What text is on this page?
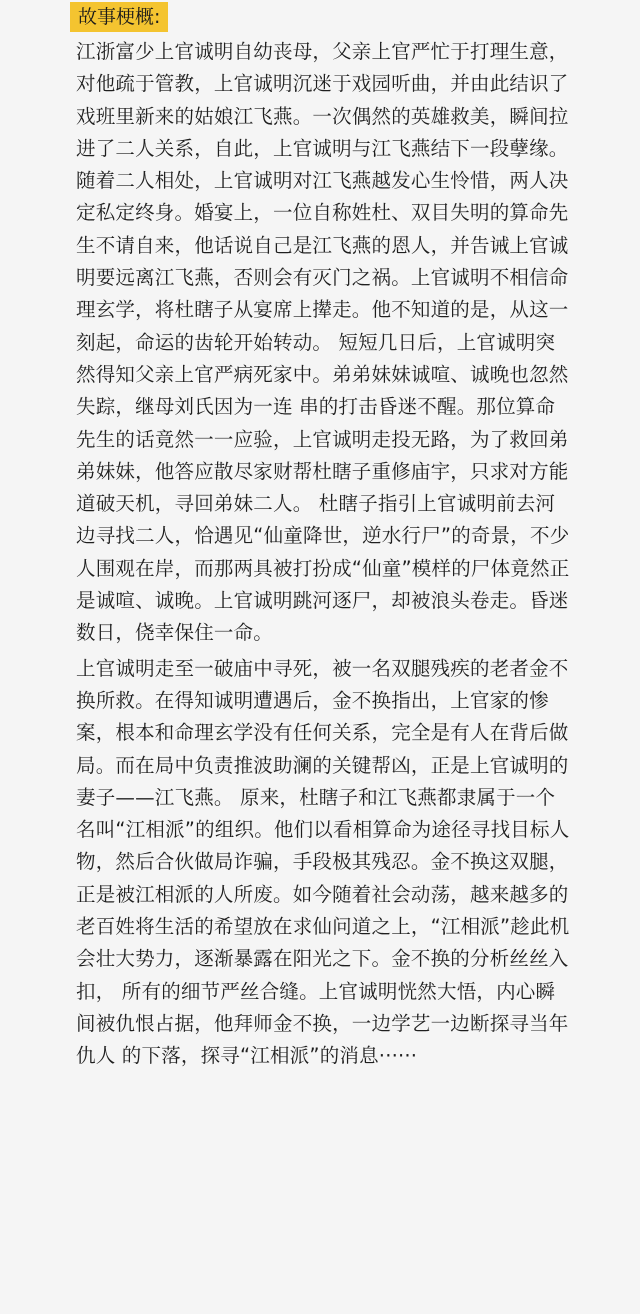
故事梗概:
江浙富少上官诚明自幼丧母，父亲上官严忙于打理生意，
对他疏于管教，上官诚明沉迷于戏园听曲，并由此结识了
戏班里新来的姑娘江飞燕。一次偶然的英雄救美，瞬间拉
进了二人关系，自此，上官诚明与江飞燕结下一段孽缘。
随着二人相处，上官诚明对江飞燕越发心生怜惜，两人决
定私定终身。婚宴上，一位自称姓杜、双目失明的算命先
生不请自来，他话说自己是江飞燕的恩人，并告诫上官诚
明要远离江飞燕，否则会有灭门之祸。上官诚明不相信命
理玄学，将杜瞎子从宴席上撵走。他不知道的是，从这一
刻起，命运的齿轮开始转动。 短短几日后，上官诚明突
然得知父亲上官严病死家中。弟弟妹妹诚喧、诚晚也忽然
失踪，继母刘氏因为一连 串的打击昏迷不醒。那位算命
先生的话竟然一一应验，上官诚明走投无路，为了救回弟
弟妹妹，他答应散尽家财帮杜瞎子重修庙宇，只求对方能
道破天机，寻回弟妹二人。 杜瞎子指引上官诚明前去河
边寻找二人，恰遇见“仙童降世，逆水行尸”的奇景，不少
人围观在岸，而那两具被打扮成“仙童”模样的尸体竟然正
是诚喧、诚晚。上官诚明跳河逐尸，却被浪头卷走。昏迷
数日，侥幸保住一命。
上官诚明走至一破庙中寻死，被一名双腿残疾的老者金不
换所救。在得知诚明遭遇后，金不换指出，上官家的惨
案，根本和命理玄学没有任何关系，完全是有人在背后做
局。而在局中负责推波助澜的关键帮凶，正是上官诚明的
妻子——江飞燕。 原来，杜瞎子和江飞燕都隶属于一个
名叫“江相派”的组织。他们以看相算命为途径寻找目标人
物，然后合伙做局诈骗，手段极其残忍。金不换这双腿，
正是被江相派的人所废。如今随着社会动荡，越来越多的
老百姓将生活的希望放在求仙问道之上，“江相派”趁此机
会壮大势力，逐渐暴露在阳光之下。金不换的分析丝丝入
扣， 所有的细节严丝合缝。上官诚明恍然大悟，内心瞬
间被仇恨占据，他拜师金不换，一边学艺一边断探寻当年
仇人 的下落，探寻“江相派”的消息······
